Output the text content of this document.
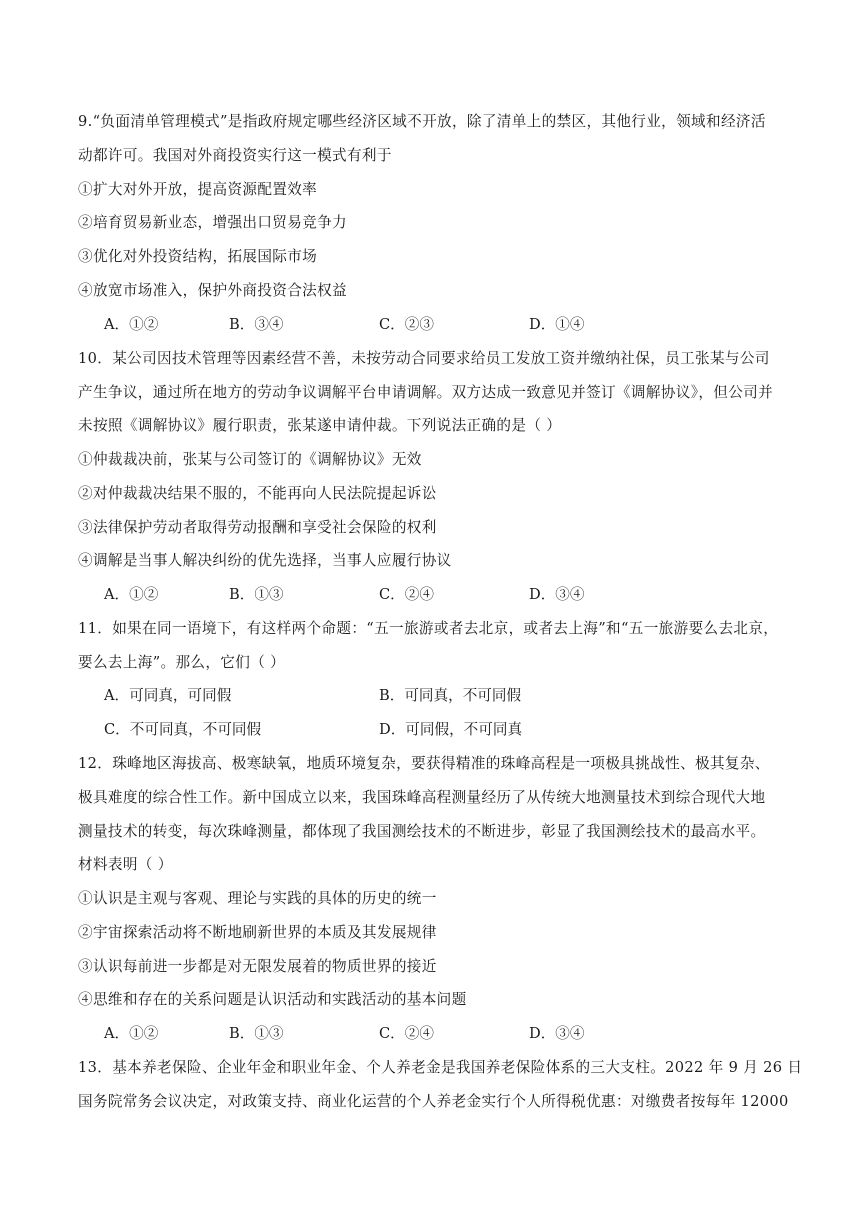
9.“负面清单管理模式”是指政府规定哪些经济区域不开放，除了清单上的禁区，其他行业，领域和经济活
动都许可。我国对外商投资实行这一模式有利于
①扩大对外开放，提高资源配置效率
②培育贸易新业态，增强出口贸易竞争力
③优化对外投资结构，拓展国际市场
④放宽市场准入，保护外商投资合法权益
A．①②	B．③④	C．②③	D．①④
10．某公司因技术管理等因素经营不善，未按劳动合同要求给员工发放工资并缴纳社保，员工张某与公司
产生争议，通过所在地方的劳动争议调解平台申请调解。双方达成一致意见并签订《调解协议》，但公司并
未按照《调解协议》履行职责，张某遂申请仲裁。下列说法正确的是（ ）
①仲裁裁决前，张某与公司签订的《调解协议》无效
②对仲裁裁决结果不服的，不能再向人民法院提起诉讼
③法律保护劳动者取得劳动报酬和享受社会保险的权利
④调解是当事人解决纠纷的优先选择，当事人应履行协议
A．①②	B．①③	C．②④	D．③④
11．如果在同一语境下，有这样两个命题：“五一旅游或者去北京，或者去上海”和“五一旅游要么去北京，
要么去上海”。那么，它们（ ）
A．可同真，可同假	B．可同真，不可同假
C．不可同真，不可同假	D．可同假，不可同真
12．珠峰地区海拔高、极寒缺氧，地质环境复杂，要获得精准的珠峰高程是一项极具挑战性、极其复杂、
极具难度的综合性工作。新中国成立以来，我国珠峰高程测量经历了从传统大地测量技术到综合现代大地
测量技术的转变，每次珠峰测量，都体现了我国测绘技术的不断进步，彰显了我国测绘技术的最高水平。
材料表明（ ）
①认识是主观与客观、理论与实践的具体的历史的统一
②宇宙探索活动将不断地刷新世界的本质及其发展规律
③认识每前进一步都是对无限发展着的物质世界的接近
④思维和存在的关系问题是认识活动和实践活动的基本问题
A．①②	B．①③	C．②④	D．③④
13．基本养老保险、企业年金和职业年金、个人养老金是我国养老保险体系的三大支柱。2022 年 9 月 26 日
国务院常务会议决定，对政策支持、商业化运营的个人养老金实行个人所得税优惠：对缴费者按每年 12000
